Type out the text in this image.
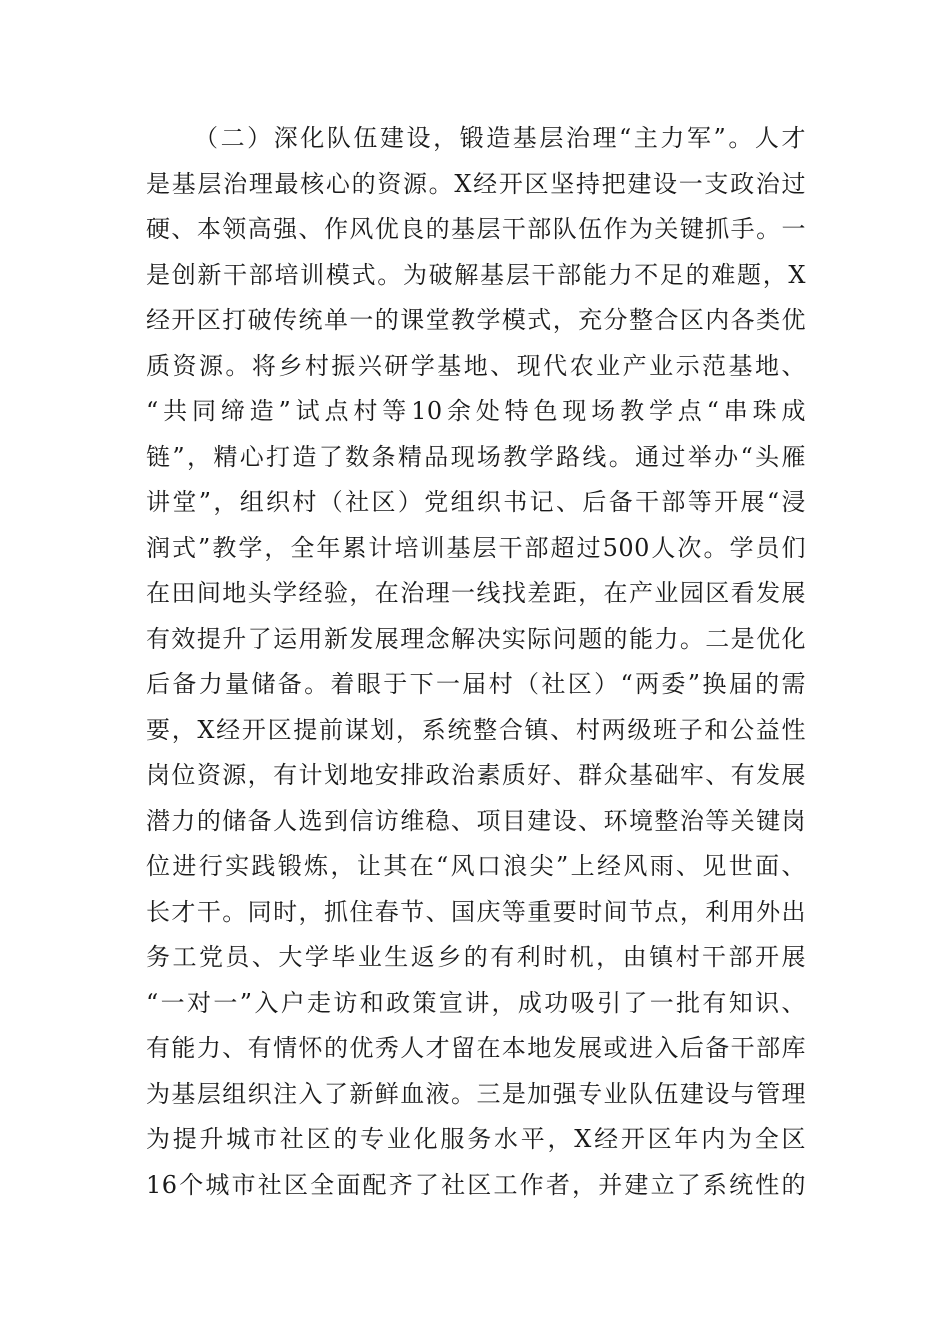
（二）深化队伍建设，锻造基层治理“主力军”。人才
是基层治理最核心的资源。X经开区坚持把建设一支政治过
硬、本领高强、作风优良的基层干部队伍作为关键抓手。一
是创新干部培训模式。为破解基层干部能力不足的难题，X
经开区打破传统单一的课堂教学模式，充分整合区内各类优
质资源。将乡村振兴研学基地、现代农业产业示范基地、
“共同缔造”试点村等10余处特色现场教学点“串珠成
链”，精心打造了数条精品现场教学路线。通过举办“头雁
讲堂”，组织村（社区）党组织书记、后备干部等开展“浸
润式”教学，全年累计培训基层干部超过500人次。学员们
在田间地头学经验，在治理一线找差距，在产业园区看发展
有效提升了运用新发展理念解决实际问题的能力。二是优化
后备力量储备。着眼于下一届村（社区）“两委”换届的需
要，X经开区提前谋划，系统整合镇、村两级班子和公益性
岗位资源，有计划地安排政治素质好、群众基础牢、有发展
潜力的储备人选到信访维稳、项目建设、环境整治等关键岗
位进行实践锻炼，让其在“风口浪尖”上经风雨、见世面、
长才干。同时，抓住春节、国庆等重要时间节点，利用外出
务工党员、大学毕业生返乡的有利时机，由镇村干部开展
“一对一”入户走访和政策宣讲，成功吸引了一批有知识、
有能力、有情怀的优秀人才留在本地发展或进入后备干部库
为基层组织注入了新鲜血液。三是加强专业队伍建设与管理
为提升城市社区的专业化服务水平，X经开区年内为全区
16个城市社区全面配齐了社区工作者，并建立了系统性的
